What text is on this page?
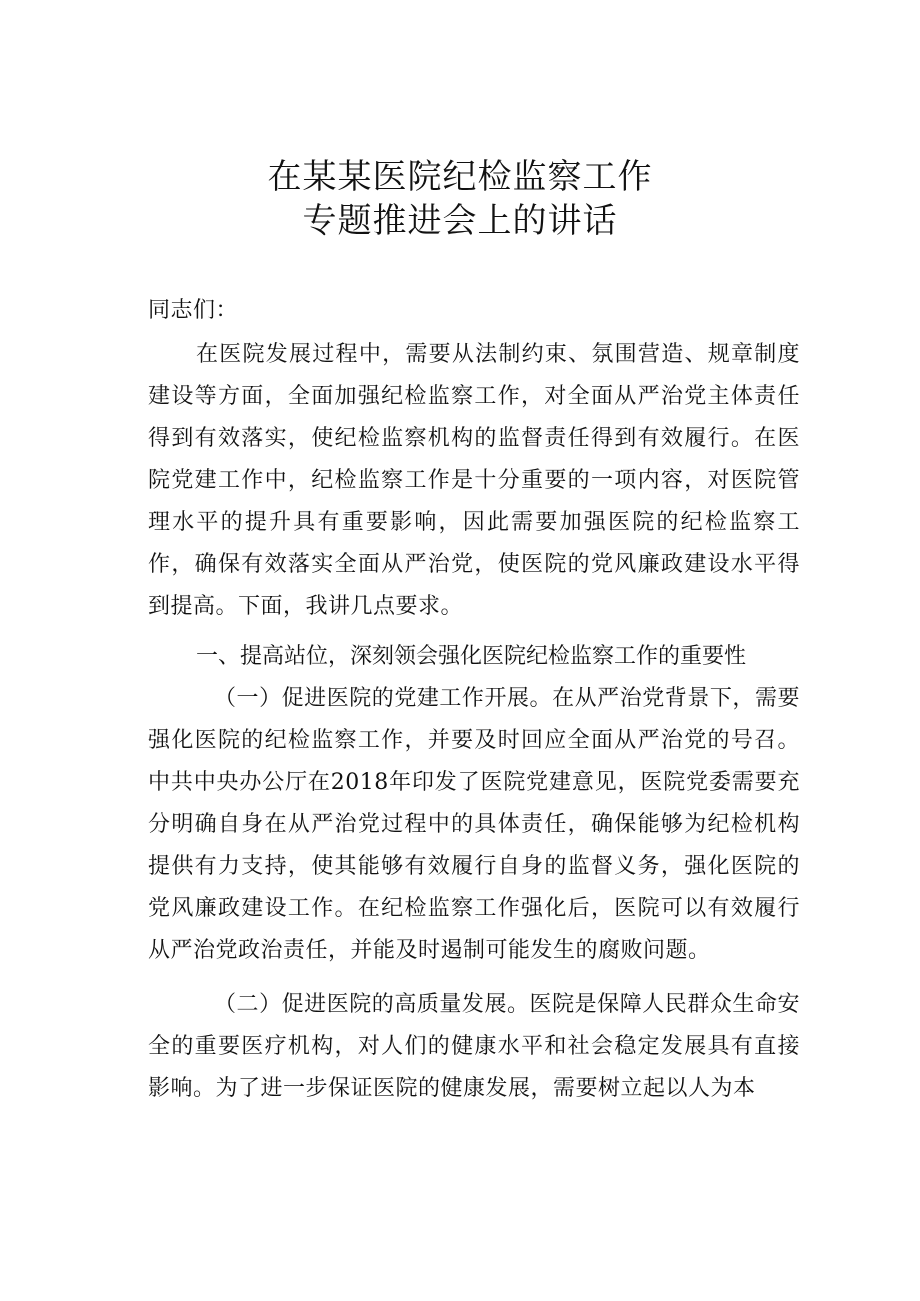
在某某医院纪检监察工作
专题推进会上的讲话

同志们：

在医院发展过程中，需要从法制约束、氛围营造、规章制度建设等方面，全面加强纪检监察工作，对全面从严治党主体责任得到有效落实，使纪检监察机构的监督责任得到有效履行。在医院党建工作中，纪检监察工作是十分重要的一项内容，对医院管理水平的提升具有重要影响，因此需要加强医院的纪检监察工作，确保有效落实全面从严治党，使医院的党风廉政建设水平得到提高。下面，我讲几点要求。

一、提高站位，深刻领会强化医院纪检监察工作的重要性

（一）促进医院的党建工作开展。在从严治党背景下，需要强化医院的纪检监察工作，并要及时回应全面从严治党的号召。中共中央办公厅在2018年印发了医院党建意见，医院党委需要充分明确自身在从严治党过程中的具体责任，确保能够为纪检机构提供有力支持，使其能够有效履行自身的监督义务，强化医院的党风廉政建设工作。在纪检监察工作强化后，医院可以有效履行从严治党政治责任，并能及时遏制可能发生的腐败问题。

（二）促进医院的高质量发展。医院是保障人民群众生命安全的重要医疗机构，对人们的健康水平和社会稳定发展具有直接影响。为了进一步保证医院的健康发展，需要树立起以人为本
